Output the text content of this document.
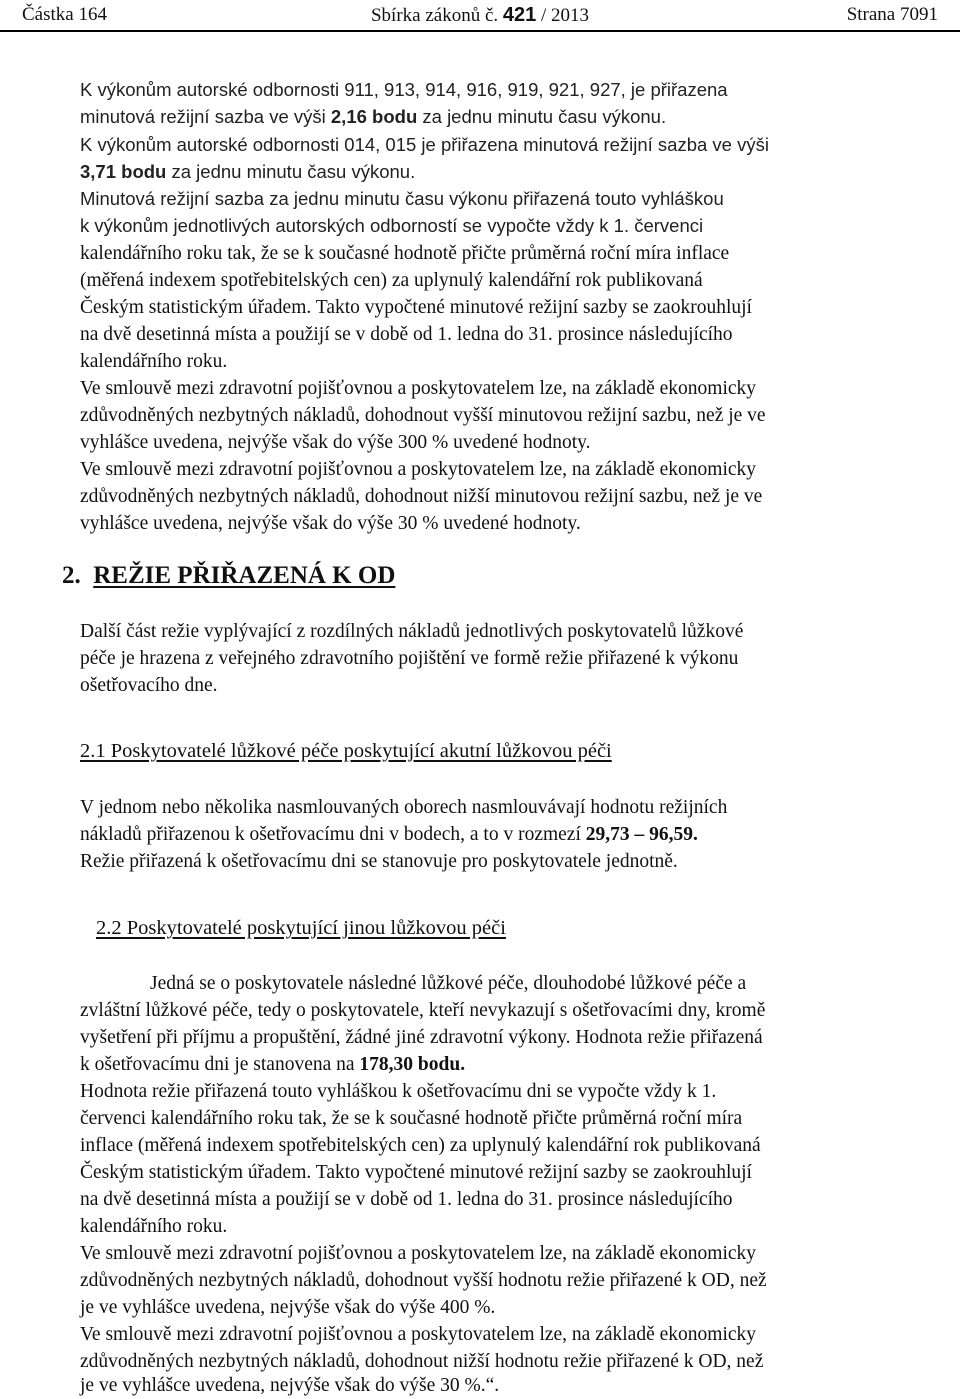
Částka 164	Sbírka zákonů č. 421 / 2013	Strana 7091
K výkonům autorské odbornosti 911, 913, 914, 916, 919, 921, 927, je přiřazena
minutová režijní sazba ve výši 2,16 bodu za jednu minutu času výkonu.
K výkonům autorské odbornosti 014, 015 je přiřazena minutová režijní sazba ve výši
3,71 bodu za jednu minutu času výkonu.
Minutová režijní sazba za jednu minutu času výkonu přiřazená touto vyhláškou
k výkonům jednotlivých autorských odborností se vypočte vždy k 1. červenci
kalendářního roku tak, že se k současné hodnotě přičte průměrná roční míra inflace
(měřená indexem spotřebitelských cen) za uplynulý kalendářní rok publikovaná
Českým statistickým úřadem. Takto vypočtené minutové režijní sazby se zaokrouhlují
na dvě desetinná místa a použijí se v době od 1. ledna do 31. prosince následujícího
kalendářního roku.
Ve smlouvě mezi zdravotní pojišťovnou a poskytovatelem lze, na základě ekonomicky
zdůvodněných nezbytných nákladů, dohodnout vyšší minutovou režijní sazbu, než je ve
vyhlášce uvedena, nejvýše však do výše 300 % uvedené hodnoty.
Ve smlouvě mezi zdravotní pojišťovnou a poskytovatelem lze, na základě ekonomicky
zdůvodněných nezbytných nákladů, dohodnout nižší minutovou režijní sazbu, než je ve
vyhlášce uvedena, nejvýše však do výše 30 % uvedené hodnoty.
2. REŽIE PŘIŘAZENÁ K OD
Další část režie vyplývající z rozdílných nákladů jednotlivých poskytovatelů lůžkové
péče je hrazena z veřejného zdravotního pojištění ve formě režie přiřazené k výkonu
ošetřovacího dne.
2.1 Poskytovatelé lůžkové péče poskytující akutní lůžkovou péči
V jednom nebo několika nasmlouvaných oborech nasmlouvávají hodnotu režijních
nákladů přiřazenou k ošetřovacímu dni v bodech, a to v rozmezí 29,73 – 96,59.
Režie přiřazená k ošetřovacímu dni se stanovuje pro poskytovatele jednotně.
2.2 Poskytovatelé poskytující jinou lůžkovou péči
Jedná se o poskytovatele následné lůžkové péče, dlouhodobé lůžkové péče a
zvláštní lůžkové péče, tedy o poskytovatele, kteří nevykazují s ošetřovacími dny, kromě
vyšetření při příjmu a propuštění, žádné jiné zdravotní výkony. Hodnota režie přiřazená
k ošetřovacímu dni je stanovena na 178,30 bodu.
Hodnota režie přiřazená touto vyhláškou k ošetřovacímu dni se vypočte vždy k 1.
červenci kalendářního roku tak, že se k současné hodnotě přičte průměrná roční míra
inflace (měřená indexem spotřebitelských cen) za uplynulý kalendářní rok publikovaná
Českým statistickým úřadem. Takto vypočtené minutové režijní sazby se zaokrouhlují
na dvě desetinná místa a použijí se v době od 1. ledna do 31. prosince následujícího
kalendářního roku.
Ve smlouvě mezi zdravotní pojišťovnou a poskytovatelem lze, na základě ekonomicky
zdůvodněných nezbytných nákladů, dohodnout vyšší hodnotu režie přiřazené k OD, než
je ve vyhlášce uvedena, nejvýše však do výše 400 %.
Ve smlouvě mezi zdravotní pojišťovnou a poskytovatelem lze, na základě ekonomicky
zdůvodněných nezbytných nákladů, dohodnout nižší hodnotu režie přiřazené k OD, než
je ve vyhlášce uvedena, nejvýše však do výše 30 %.“.
